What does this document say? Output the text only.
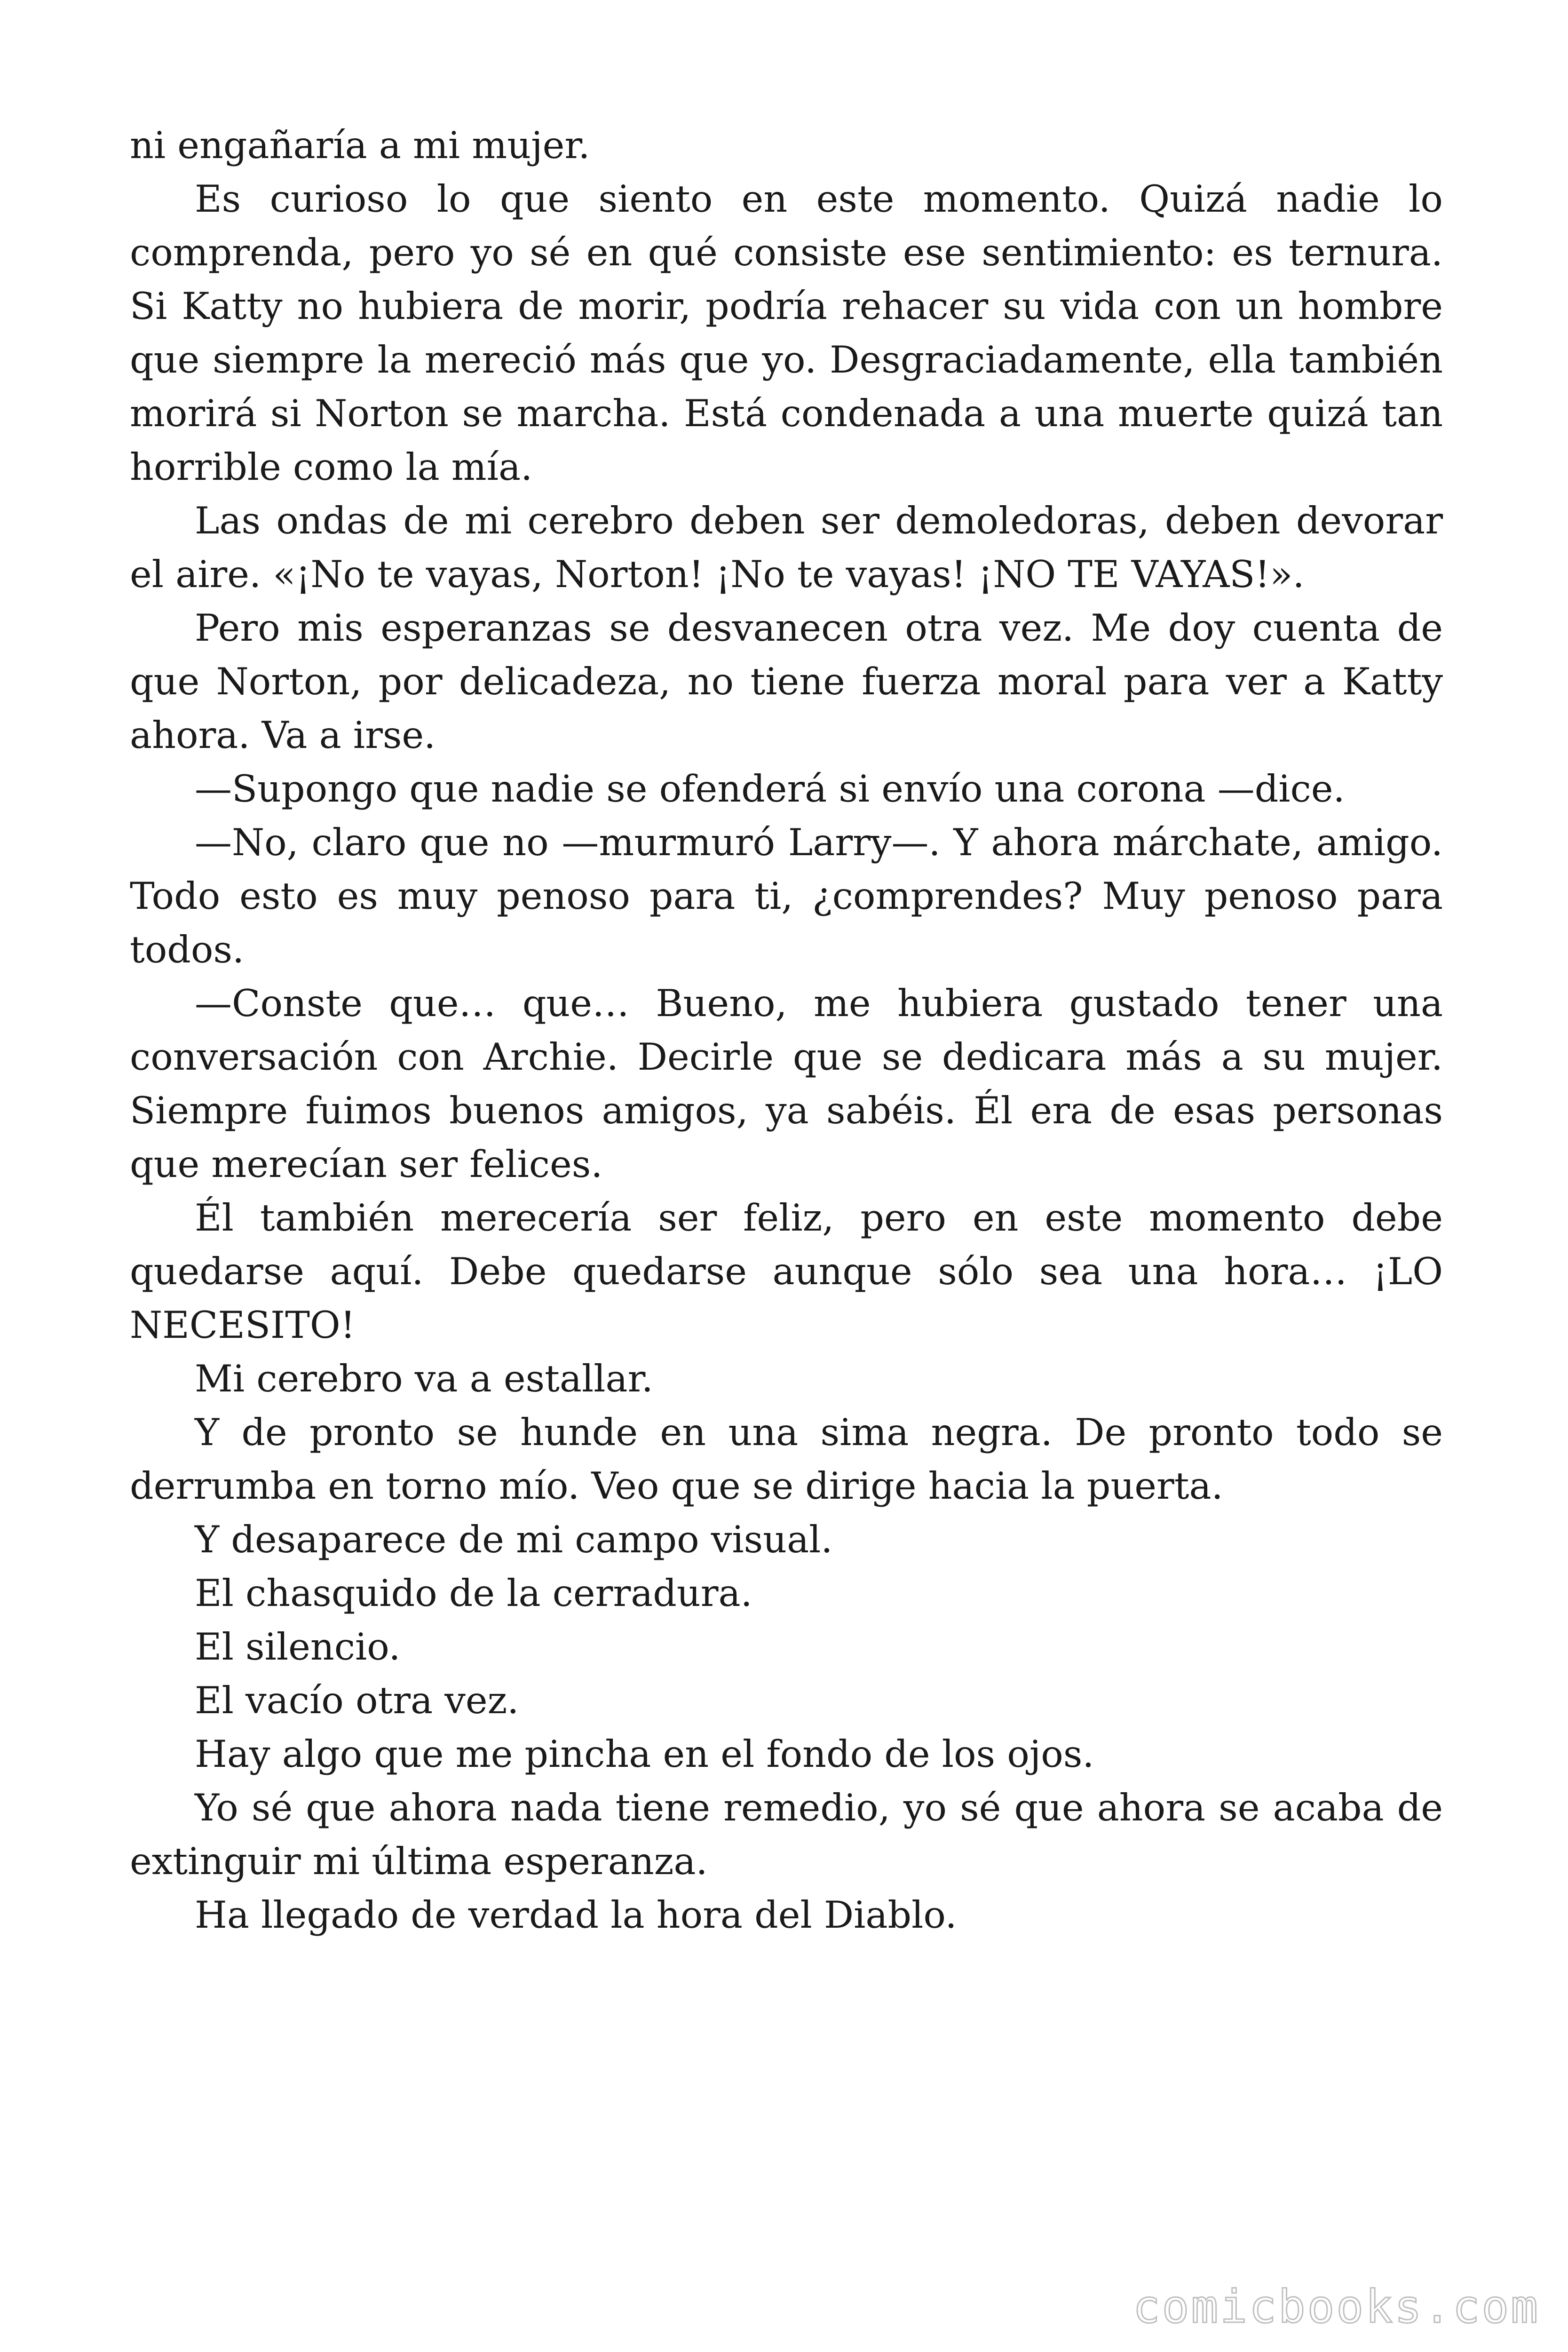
ni engañaría a mi mujer.

Es curioso lo que siento en este momento. Quizá nadie lo comprenda, pero yo sé en qué consiste ese sentimiento: es ternura. Si Katty no hubiera de morir, podría rehacer su vida con un hombre que siempre la mereció más que yo. Desgraciadamente, ella también morirá si Norton se marcha. Está condenada a una muerte quizá tan horrible como la mía.

Las ondas de mi cerebro deben ser demoledoras, deben devorar el aire. «¡No te vayas, Norton! ¡No te vayas! ¡NO TE VAYAS!».

Pero mis esperanzas se desvanecen otra vez. Me doy cuenta de que Norton, por delicadeza, no tiene fuerza moral para ver a Katty ahora. Va a irse.

—Supongo que nadie se ofenderá si envío una corona —dice.

—No, claro que no —murmuró Larry—. Y ahora márchate, amigo. Todo esto es muy penoso para ti, ¿comprendes? Muy penoso para todos.

—Conste que… que… Bueno, me hubiera gustado tener una conversación con Archie. Decirle que se dedicara más a su mujer. Siempre fuimos buenos amigos, ya sabéis. Él era de esas personas que merecían ser felices.

Él también merecería ser feliz, pero en este momento debe quedarse aquí. Debe quedarse aunque sólo sea una hora… ¡LO NECESITO!

Mi cerebro va a estallar.

Y de pronto se hunde en una sima negra. De pronto todo se derrumba en torno mío. Veo que se dirige hacia la puerta.

Y desaparece de mi campo visual.

El chasquido de la cerradura.

El silencio.

El vacío otra vez.

Hay algo que me pincha en el fondo de los ojos.

Yo sé que ahora nada tiene remedio, yo sé que ahora se acaba de extinguir mi última esperanza.

Ha llegado de verdad la hora del Diablo.

comicbooks.com
